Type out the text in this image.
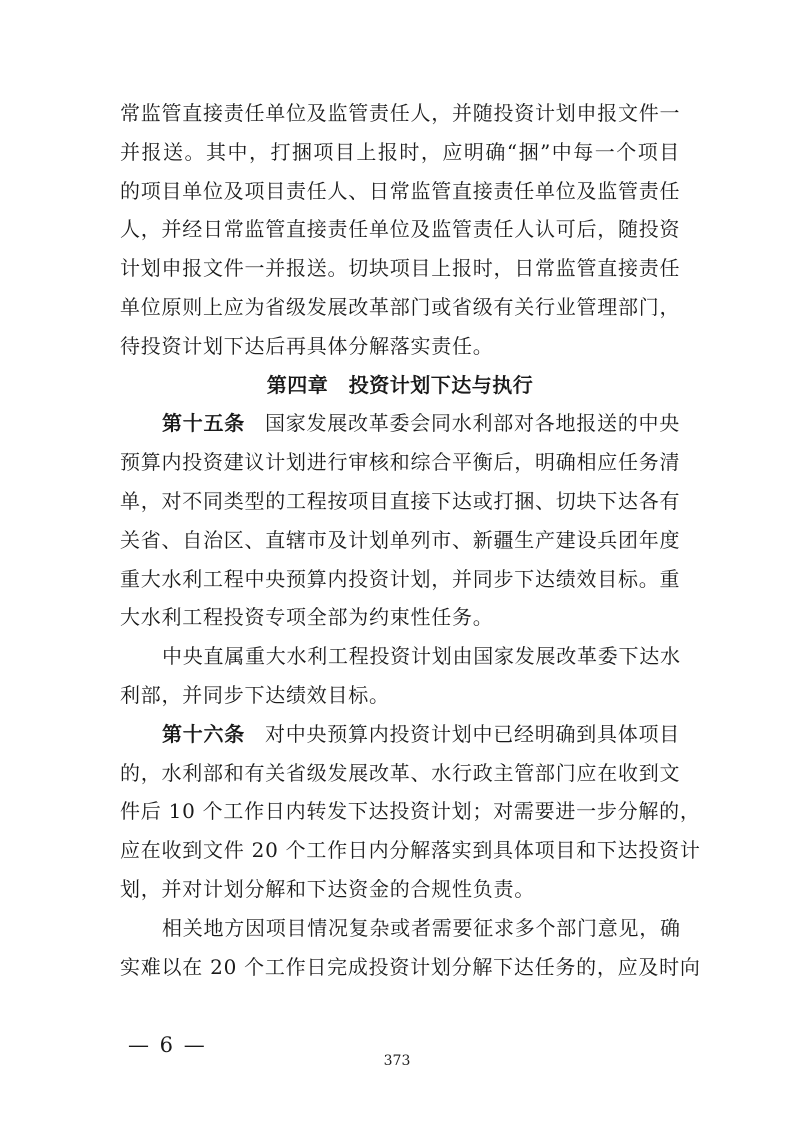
常监管直接责任单位及监管责任人，并随投资计划申报文件一
并报送。其中，打捆项目上报时，应明确“捆”中每一个项目
的项目单位及项目责任人、日常监管直接责任单位及监管责任
人，并经日常监管直接责任单位及监管责任人认可后，随投资
计划申报文件一并报送。切块项目上报时，日常监管直接责任
单位原则上应为省级发展改革部门或省级有关行业管理部门，
待投资计划下达后再具体分解落实责任。
第四章　投资计划下达与执行
第十五条 国家发展改革委会同水利部对各地报送的中央
预算内投资建议计划进行审核和综合平衡后，明确相应任务清
单，对不同类型的工程按项目直接下达或打捆、切块下达各有
关省、自治区、直辖市及计划单列市、新疆生产建设兵团年度
重大水利工程中央预算内投资计划，并同步下达绩效目标。重
大水利工程投资专项全部为约束性任务。
中央直属重大水利工程投资计划由国家发展改革委下达水
利部，并同步下达绩效目标。
第十六条 对中央预算内投资计划中已经明确到具体项目
的，水利部和有关省级发展改革、水行政主管部门应在收到文
件后 10 个工作日内转发下达投资计划；对需要进一步分解的，
应在收到文件 20 个工作日内分解落实到具体项目和下达投资计
划，并对计划分解和下达资金的合规性负责。
相关地方因项目情况复杂或者需要征求多个部门意见，确
实难以在 20 个工作日完成投资计划分解下达任务的，应及时向
— 6 —
373
